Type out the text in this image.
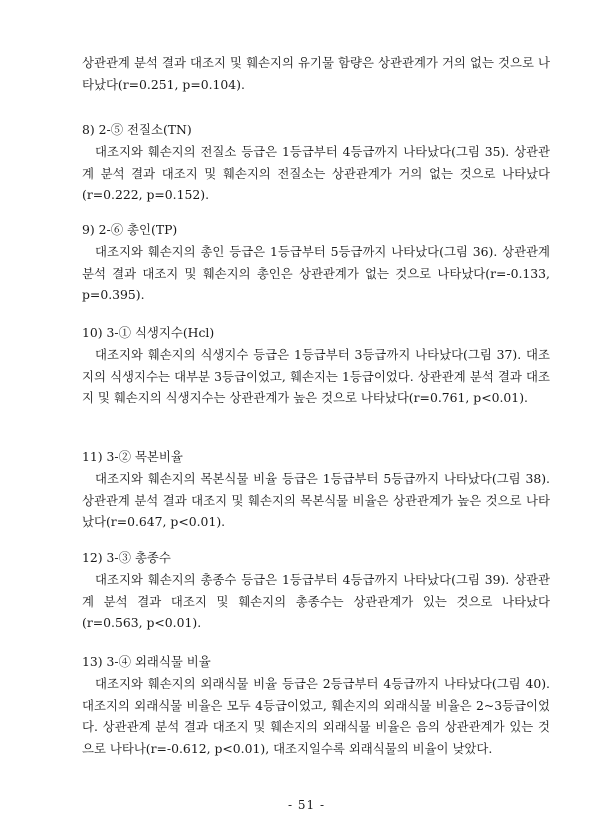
상관관계 분석 결과 대조지 및 훼손지의 유기물 함량은 상관관계가 거의 없는 것으로 나타났다(r=0.251, p=0.104).
8) 2-⑤ 전질소(TN)
대조지와 훼손지의 전질소 등급은 1등급부터 4등급까지 나타났다(그림 35). 상관관계 분석 결과 대조지 및 훼손지의 전질소는 상관관계가 거의 없는 것으로 나타났다(r=0.222, p=0.152).
9) 2-⑥ 총인(TP)
대조지와 훼손지의 총인 등급은 1등급부터 5등급까지 나타났다(그림 36). 상관관계 분석 결과 대조지 및 훼손지의 총인은 상관관계가 없는 것으로 나타났다(r=-0.133, p=0.395).
10) 3-① 식생지수(Hcl)
대조지와 훼손지의 식생지수 등급은 1등급부터 3등급까지 나타났다(그림 37). 대조지의 식생지수는 대부분 3등급이었고, 훼손지는 1등급이었다. 상관관계 분석 결과 대조지 및 훼손지의 식생지수는 상관관계가 높은 것으로 나타났다(r=0.761, p<0.01).
11) 3-② 목본비율
대조지와 훼손지의 목본식물 비율 등급은 1등급부터 5등급까지 나타났다(그림 38). 상관관계 분석 결과 대조지 및 훼손지의 목본식물 비율은 상관관계가 높은 것으로 나타났다(r=0.647, p<0.01).
12) 3-③ 총종수
대조지와 훼손지의 총종수 등급은 1등급부터 4등급까지 나타났다(그림 39). 상관관계 분석 결과 대조지 및 훼손지의 총종수는 상관관계가 있는 것으로 나타났다(r=0.563, p<0.01).
13) 3-④ 외래식물 비율
대조지와 훼손지의 외래식물 비율 등급은 2등급부터 4등급까지 나타났다(그림 40). 대조지의 외래식물 비율은 모두 4등급이었고, 훼손지의 외래식물 비율은 2~3등급이었다. 상관관계 분석 결과 대조지 및 훼손지의 외래식물 비율은 음의 상관관계가 있는 것으로 나타나(r=-0.612, p<0.01), 대조지일수록 외래식물의 비율이 낮았다.
- 51 -
